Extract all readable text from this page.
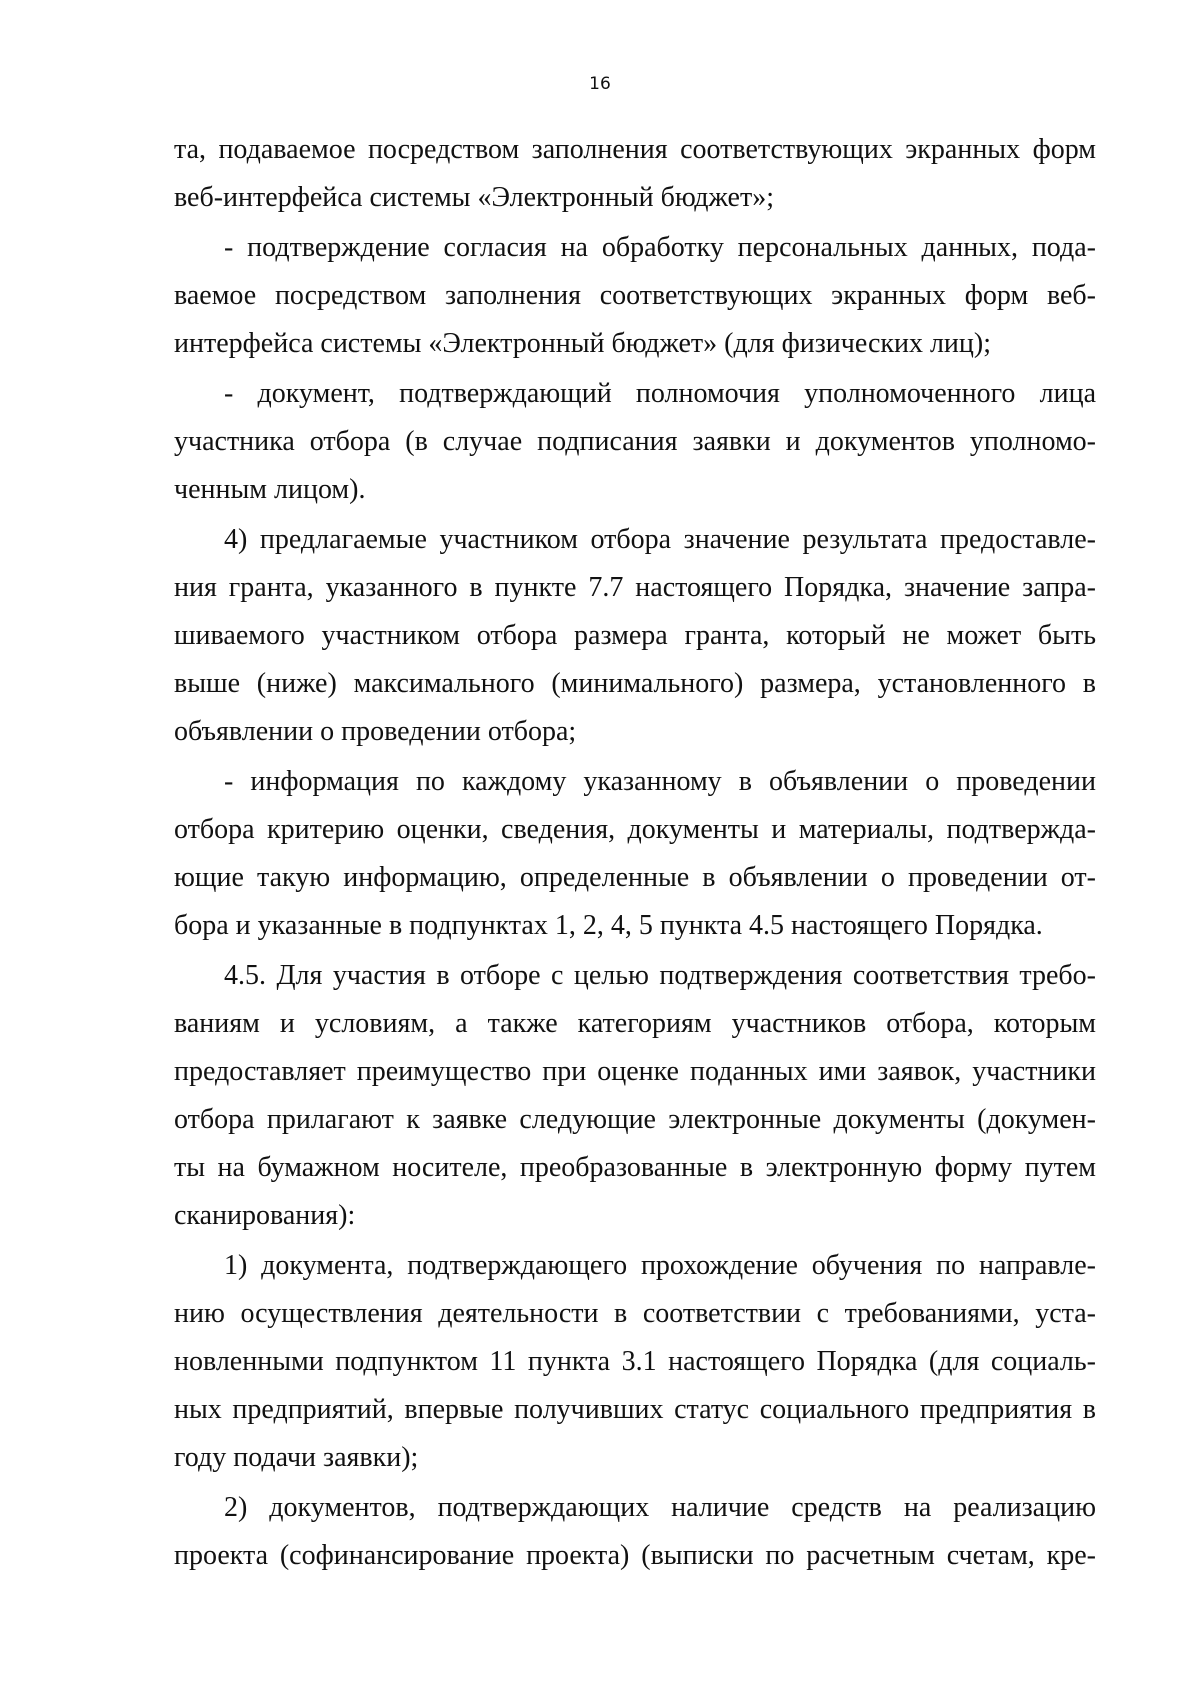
16
та, подаваемое посредством заполнения соответствующих экранных форм
веб-интерфейса системы «Электронный бюджет»;
- подтверждение согласия на обработку персональных данных, пода-
ваемое посредством заполнения соответствующих экранных форм веб-
интерфейса системы «Электронный бюджет» (для физических лиц);
- документ, подтверждающий полномочия уполномоченного лица
участника отбора (в случае подписания заявки и документов уполномо-
ченным лицом).
4) предлагаемые участником отбора значение результата предоставле-
ния гранта, указанного в пункте 7.7 настоящего Порядка, значение запра-
шиваемого участником отбора размера гранта, который не может быть
выше (ниже) максимального (минимального) размера, установленного в
объявлении о проведении отбора;
- информация по каждому указанному в объявлении о проведении
отбора критерию оценки, сведения, документы и материалы, подтвержда-
ющие такую информацию, определенные в объявлении о проведении от-
бора и указанные в подпунктах 1, 2, 4, 5 пункта 4.5 настоящего Порядка.
4.5. Для участия в отборе с целью подтверждения соответствия требо-
ваниям и условиям, а также категориям участников отбора, которым
предоставляет преимущество при оценке поданных ими заявок, участники
отбора прилагают к заявке следующие электронные документы (докумен-
ты на бумажном носителе, преобразованные в электронную форму путем
сканирования):
1) документа, подтверждающего прохождение обучения по направле-
нию осуществления деятельности в соответствии с требованиями, уста-
новленными подпунктом 11 пункта 3.1 настоящего Порядка (для социаль-
ных предприятий, впервые получивших статус социального предприятия в
году подачи заявки);
2) документов, подтверждающих наличие средств на реализацию
проекта (софинансирование проекта) (выписки по расчетным счетам, кре-
